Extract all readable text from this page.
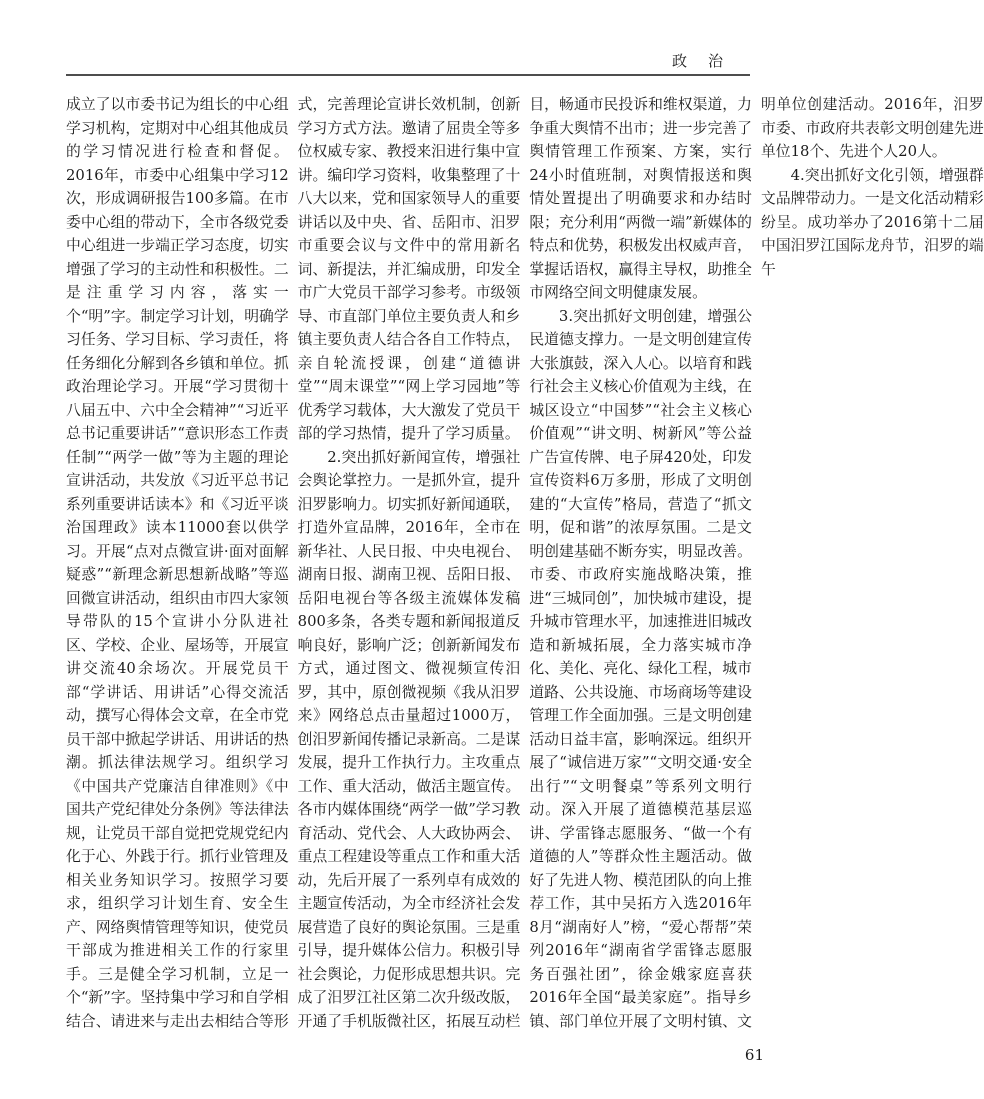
政　治

成立了以市委书记为组长的中心组学习机构，定期对中心组其他成员的学习情况进行检查和督促。2016年，市委中心组集中学习12次，形成调研报告100多篇。在市委中心组的带动下，全市各级党委中心组进一步端正学习态度，切实增强了学习的主动性和积极性。二是注重学习内容，落实一个“明”字。制定学习计划，明确学习任务、学习目标、学习责任，将任务细化分解到各乡镇和单位。抓政治理论学习。开展“学习贯彻十八届五中、六中全会精神”“习近平总书记重要讲话”“意识形态工作责任制”“两学一做”等为主题的理论宣讲活动，共发放《习近平总书记系列重要讲话读本》和《习近平谈治国理政》读本11000套以供学习。开展“点对点微宣讲·面对面解疑惑”“新理念新思想新战略”等巡回微宣讲活动，组织由市四大家领导带队的15个宣讲小分队进社区、学校、企业、屋场等，开展宣讲交流40余场次。开展党员干部“学讲话、用讲话”心得交流活动，撰写心得体会文章，在全市党员干部中掀起学讲话、用讲话的热潮。抓法律法规学习。组织学习《中国共产党廉洁自律准则》《中国共产党纪律处分条例》等法律法规，让党员干部自觉把党规党纪内化于心、外践于行。抓行业管理及相关业务知识学习。按照学习要求，组织学习计划生育、安全生产、网络舆情管理等知识，使党员干部成为推进相关工作的行家里手。三是健全学习机制，立足一个“新”字。坚持集中学习和自学相结合、请进来与走出去相结合等形式，完善理论宣讲长效机制，创新学习方式方法。邀请了屈贵全等多位权威专家、教授来汨进行集中宣讲。编印学习资料，收集整理了十八大以来，党和国家领导人的重要讲话以及中央、省、岳阳市、汨罗市重要会议与文件中的常用新名词、新提法，并汇编成册，印发全市广大党员干部学习参考。市级领导、市直部门单位主要负责人和乡镇主要负责人结合各自工作特点，亲自轮流授课，创建“道德讲堂”“周末课堂”“网上学习园地”等优秀学习载体，大大激发了党员干部的学习热情，提升了学习质量。

2.突出抓好新闻宣传，增强社会舆论掌控力。一是抓外宣，提升汨罗影响力。切实抓好新闻通联，打造外宣品牌，2016年，全市在新华社、人民日报、中央电视台、湖南日报、湖南卫视、岳阳日报、岳阳电视台等各级主流媒体发稿800多条，各类专题和新闻报道反响良好，影响广泛；创新新闻发布方式，通过图文、微视频宣传汨罗，其中，原创微视频《我从汨罗来》网络总点击量超过1000万，创汨罗新闻传播记录新高。二是谋发展，提升工作执行力。主攻重点工作、重大活动，做活主题宣传。各市内媒体围绕“两学一做”学习教育活动、党代会、人大政协两会、重点工程建设等重点工作和重大活动，先后开展了一系列卓有成效的主题宣传活动，为全市经济社会发展营造了良好的舆论氛围。三是重引导，提升媒体公信力。积极引导社会舆论，力促形成思想共识。完成了汨罗江社区第二次升级改版，开通了手机版微社区，拓展互动栏目，畅通市民投诉和维权渠道，力争重大舆情不出市；进一步完善了舆情管理工作预案、方案，实行24小时值班制，对舆情报送和舆情处置提出了明确要求和办结时限；充分利用“两微一端”新媒体的特点和优势，积极发出权威声音，掌握话语权，赢得主导权，助推全市网络空间文明健康发展。

3.突出抓好文明创建，增强公民道德支撑力。一是文明创建宣传大张旗鼓，深入人心。以培育和践行社会主义核心价值观为主线，在城区设立“中国梦”“社会主义核心价值观”“讲文明、树新风”等公益广告宣传牌、电子屏420处，印发宣传资料6万多册，形成了文明创建的“大宣传”格局，营造了“抓文明，促和谐”的浓厚氛围。二是文明创建基础不断夯实，明显改善。市委、市政府实施战略决策，推进“三城同创”，加快城市建设，提升城市管理水平，加速推进旧城改造和新城拓展，全力落实城市净化、美化、亮化、绿化工程，城市道路、公共设施、市场商场等建设管理工作全面加强。三是文明创建活动日益丰富，影响深远。组织开展了“诚信进万家”“文明交通·安全出行”“文明餐桌”等系列文明行动。深入开展了道德模范基层巡讲、学雷锋志愿服务、“做一个有道德的人”等群众性主题活动。做好了先进人物、模范团队的向上推荐工作，其中吴拓方入选2016年8月“湖南好人”榜，“爱心帮帮”荣列2016年“湖南省学雷锋志愿服务百强社团”，徐金娥家庭喜获2016年全国“最美家庭”。指导乡镇、部门单位开展了文明村镇、文明单位创建活动。2016年，汨罗市委、市政府共表彰文明创建先进单位18个、先进个人20人。

4.突出抓好文化引领，增强群文品牌带动力。一是文化活动精彩纷呈。成功举办了2016第十二届中国汨罗江国际龙舟节，汨罗的端午

61
